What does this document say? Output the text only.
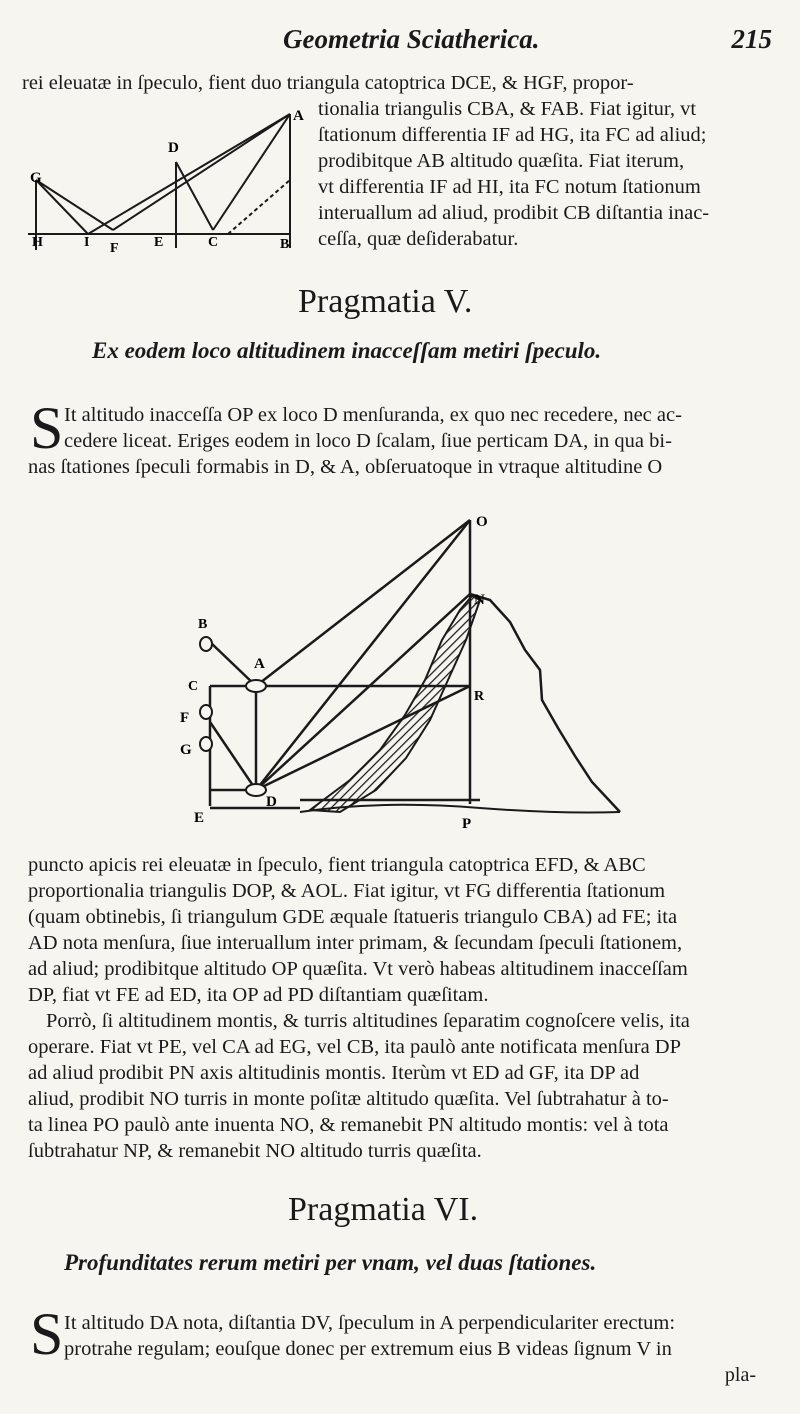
Geometria Sciatherica.	215
A
D
G
H	I F	E	C	B
rei eleuatæ in ſpeculo, fient duo triangula catoptrica DCE, & HGF, propor-
tionalia triangulis CBA, & FAB. Fiat igitur, vt
ſtationum differentia IF ad HG, ita FC ad aliud;
prodibitque AB altitudo quæſita. Fiat iterum,
vt differentia IF ad HI, ita FC notum ſtationum
interuallum ad aliud, prodibit CB diſtantia inac-
ceſſa, quæ deſiderabatur.
Pragmatia V.
Ex eodem loco altitudinem inacceſſam metiri ſpeculo.
S It altitudo inacceſſa OP ex loco D menſuranda, ex quo nec recedere, nec ac-
cedere liceat. Eriges eodem in loco D ſcalam, ſiue perticam DA, in qua bi-
nas ſtationes ſpeculi formabis in D, & A, obſeruatoque in vtraque altitudine O
O
N
B
A
C
R
F
G
D
E	P
puncto apicis rei eleuatæ in ſpeculo, fient triangula catoptrica EFD, & ABC
proportionalia triangulis DOP, & AOL. Fiat igitur, vt FG differentia ſtationum
(quam obtinebis, ſi triangulum GDE æquale ſtatueris triangulo CBA) ad FE; ita
AD nota menſura, ſiue interuallum inter primam, & ſecundam ſpeculi ſtationem,
ad aliud; prodibitque altitudo OP quæſita. Vt verò habeas altitudinem inacceſſam
DP, fiat vt FE ad ED, ita OP ad PD diſtantiam quæſitam.
Porrò, ſi altitudinem montis, & turris altitudines ſeparatim cognoſcere velis, ita
operare. Fiat vt PE, vel CA ad EG, vel CB, ita paulò ante notificata menſura DP
ad aliud prodibit PN axis altitudinis montis. Iterùm vt ED ad GF, ita DP ad
aliud, prodibit NO turris in monte poſitæ altitudo quæſita. Vel ſubtrahatur à to-
ta linea PO paulò ante inuenta NO, & remanebit PN altitudo montis: vel à tota
ſubtrahatur NP, & remanebit NO altitudo turris quæſita.
Pragmatia VI.
Profunditates rerum metiri per vnam, vel duas ſtationes.
S It altitudo DA nota, diſtantia DV, ſpeculum in A perpendiculariter erectum:
protrahe regulam; eouſque donec per extremum eius B videas ſignum V in
pla-
